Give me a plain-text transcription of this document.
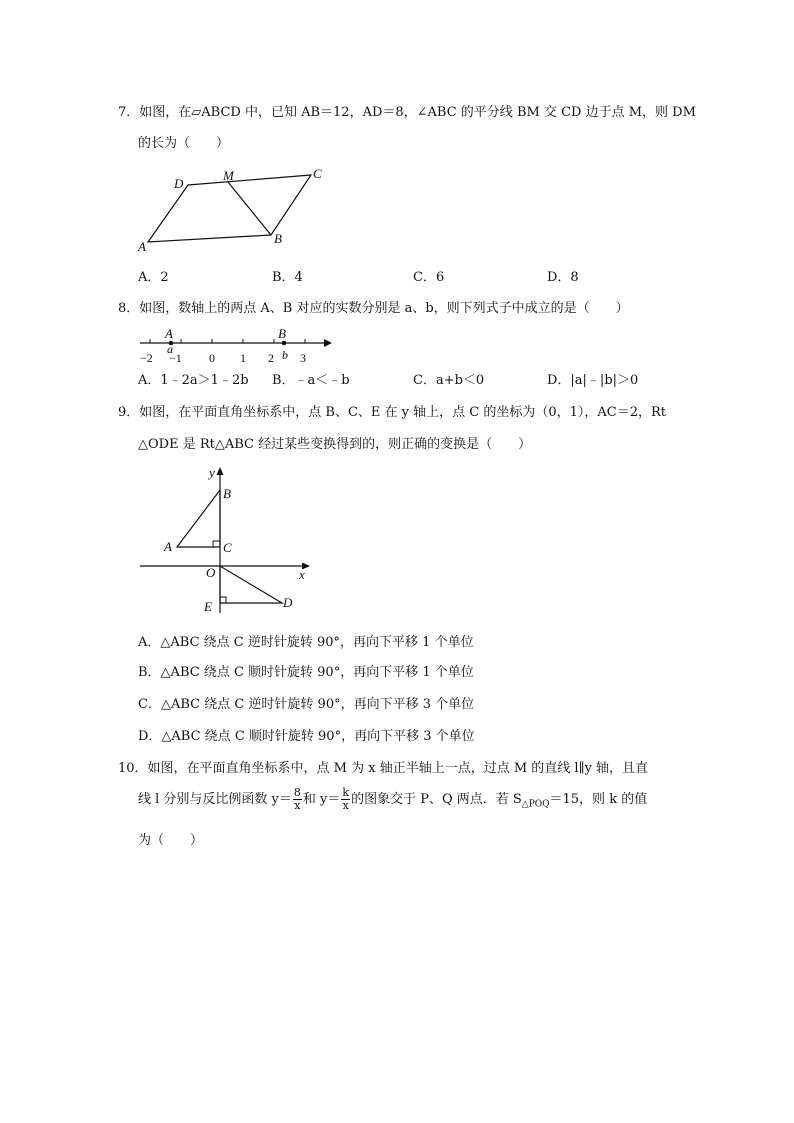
7．如图，在▱ABCD 中，已知 AB＝12，AD＝8，∠ABC 的平分线 BM 交 CD 边于点 M，则 DM
的长为（　　）
D
M	C
A
B
A．2	B．4	C．6	D．8
8．如图，数轴上的两点 A、B 对应的实数分别是 a、b，则下列式子中成立的是（　　）
A	B
a	b
−2 −1 0 1 2 3
A．1﹣2a＞1﹣2b B．﹣a＜﹣b	C．a+b＜0	D．|a|﹣|b|＞0
9．如图，在平面直角坐标系中，点 B、C、E 在 y 轴上，点 C 的坐标为（0，1），AC＝2，Rt
△ODE 是 Rt△ABC 经过某些变换得到的，则正确的变换是（　　）
y
x
B
A	C
O
E	D
A．△ABC 绕点 C 逆时针旋转 90°，再向下平移 1 个单位
B．△ABC 绕点 C 顺时针旋转 90°，再向下平移 1 个单位
C．△ABC 绕点 C 逆时针旋转 90°，再向下平移 3 个单位
D．△ABC 绕点 C 顺时针旋转 90°，再向下平移 3 个单位
10．如图，在平面直角坐标系中，点 M 为 x 轴正半轴上一点，过点 M 的直线 l∥y 轴，且直
线 l 分别与反比例函数 $y= \frac{8}{x}$ 和 $y= \frac{k}{x}$ 的图象交于 P、Q 两点．若 $S_{\triangle POQ}=15$，则 k 的值
为（　　）
